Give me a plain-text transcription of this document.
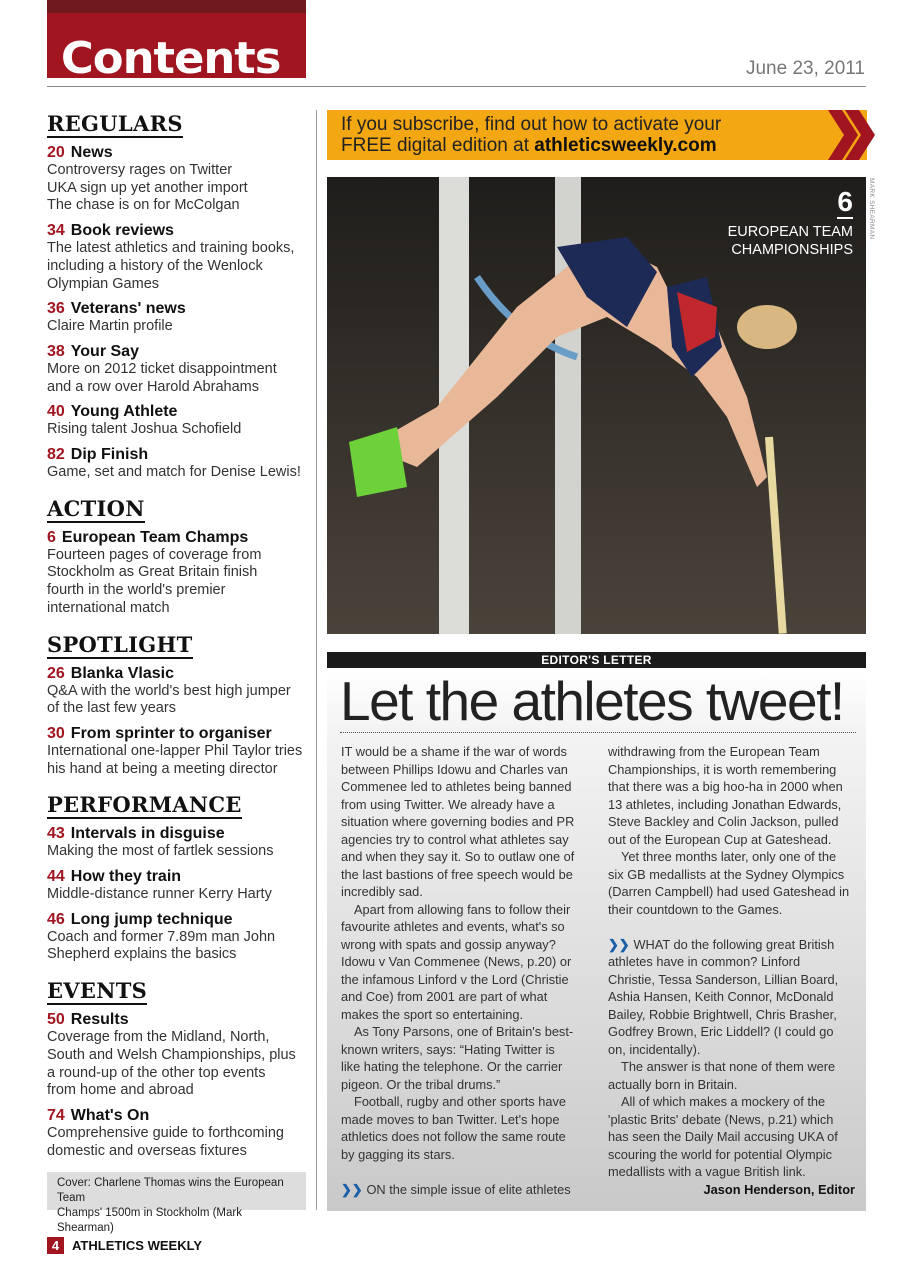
Contents	June 23, 2011
REGULARS
20 News
Controversy rages on Twitter
UKA sign up yet another import
The chase is on for McColgan
34 Book reviews
The latest athletics and training books,
including a history of the Wenlock
Olympian Games
36 Veterans' news
Claire Martin profile
38 Your Say
More on 2012 ticket disappointment
and a row over Harold Abrahams
40 Young Athlete
Rising talent Joshua Schofield
82 Dip Finish
Game, set and match for Denise Lewis!
ACTION
6 European Team Champs
Fourteen pages of coverage from
Stockholm as Great Britain finish
fourth in the world's premier
international match
SPOTLIGHT
26 Blanka Vlasic
Q&A with the world's best high jumper
of the last few years
30 From sprinter to organiser
International one-lapper Phil Taylor tries
his hand at being a meeting director
PERFORMANCE
43 Intervals in disguise
Making the most of fartlek sessions
44 How they train
Middle-distance runner Kerry Harty
46 Long jump technique
Coach and former 7.89m man John
Shepherd explains the basics
EVENTS
50 Results
Coverage from the Midland, North,
South and Welsh Championships, plus
a round-up of the other top events
from home and abroad
74 What's On
Comprehensive guide to forthcoming
domestic and overseas fixtures
Cover: Charlene Thomas wins the European Team
Champs' 1500m in Stockholm (Mark Shearman)
4 ATHLETICS WEEKLY
If you subscribe, find out how to activate your
FREE digital edition at athleticsweekly.com
6
EUROPEAN TEAM
CHAMPIONSHIPS
MARK SHEARMAN
EDITOR'S LETTER
Let the athletes tweet!
IT would be a shame if the war of words
between Phillips Idowu and Charles van
Commenee led to athletes being banned
from using Twitter. We already have a
situation where governing bodies and PR
agencies try to control what athletes say
and when they say it. So to outlaw one of
the last bastions of free speech would be
incredibly sad.
Apart from allowing fans to follow their
favourite athletes and events, what's so
wrong with spats and gossip anyway?
Idowu v Van Commenee (News, p.20) or
the infamous Linford v the Lord (Christie
and Coe) from 2001 are part of what
makes the sport so entertaining.
As Tony Parsons, one of Britain's best-
known writers, says: “Hating Twitter is
like hating the telephone. Or the carrier
pigeon. Or the tribal drums.”
Football, rugby and other sports have
made moves to ban Twitter. Let's hope
athletics does not follow the same route
by gagging its stars.
❯❯ ON the simple issue of elite athletes
withdrawing from the European Team
Championships, it is worth remembering
that there was a big hoo-ha in 2000 when
13 athletes, including Jonathan Edwards,
Steve Backley and Colin Jackson, pulled
out of the European Cup at Gateshead.
Yet three months later, only one of the
six GB medallists at the Sydney Olympics
(Darren Campbell) had used Gateshead in
their countdown to the Games.
❯❯ WHAT do the following great British
athletes have in common? Linford
Christie, Tessa Sanderson, Lillian Board,
Ashia Hansen, Keith Connor, McDonald
Bailey, Robbie Brightwell, Chris Brasher,
Godfrey Brown, Eric Liddell? (I could go
on, incidentally).
The answer is that none of them were
actually born in Britain.
All of which makes a mockery of the
'plastic Brits' debate (News, p.21) which
has seen the Daily Mail accusing UKA of
scouring the world for potential Olympic
medallists with a vague British link.
Jason Henderson, Editor
